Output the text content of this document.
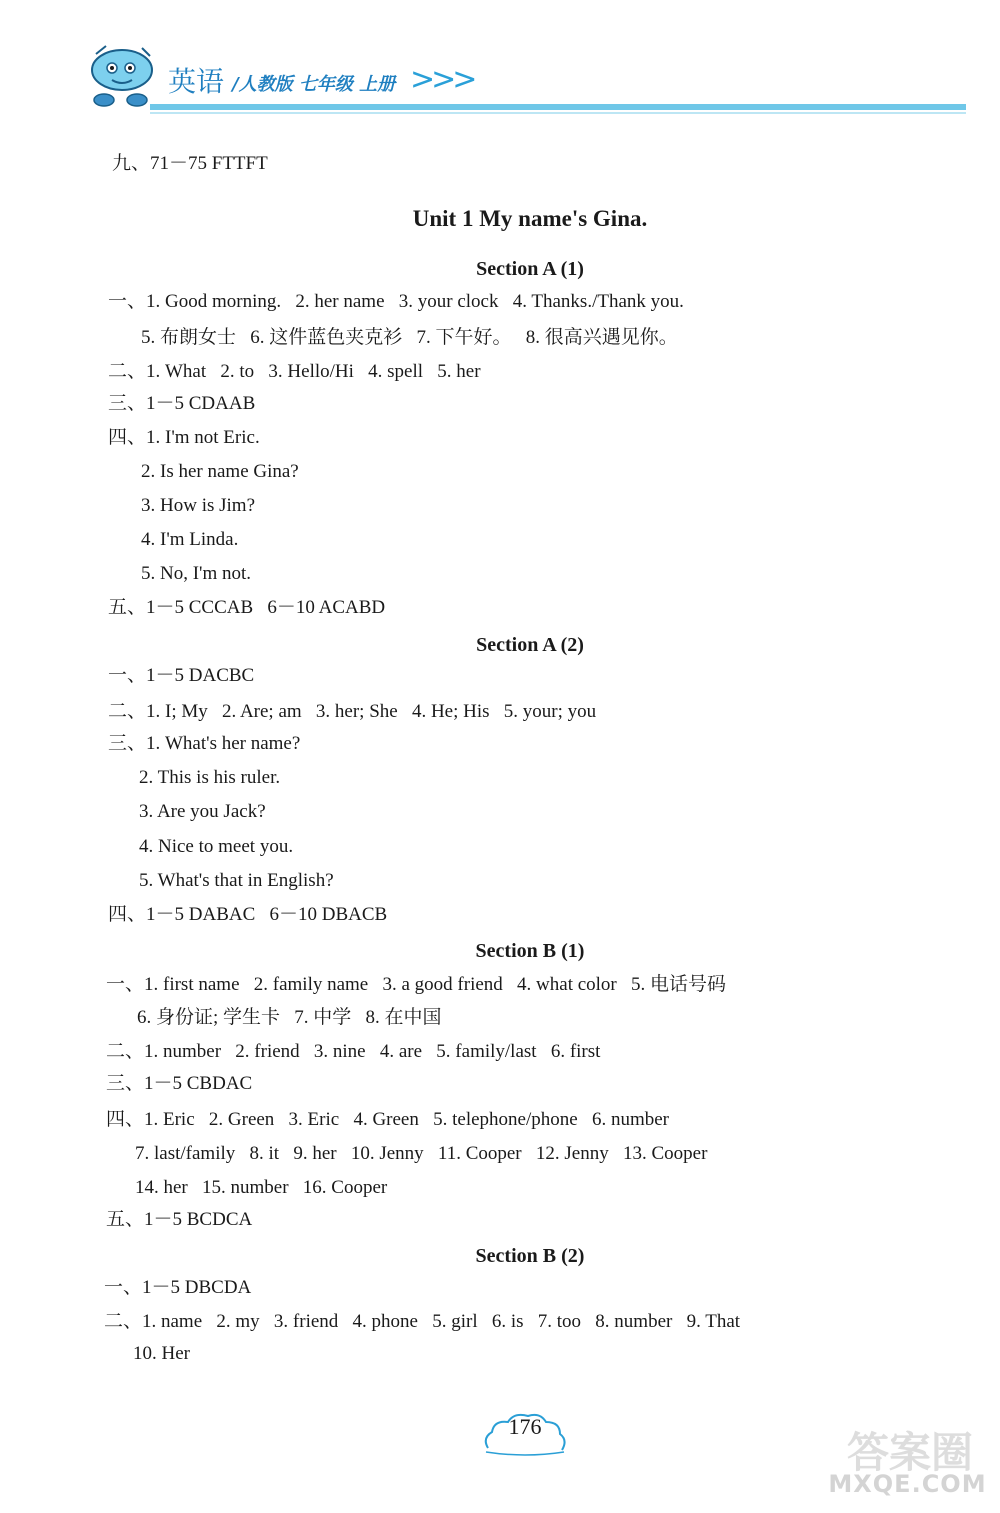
英语 /人教版 七年级 上册 >>>
九、71－75 FTTFT
Unit 1 My name's Gina.
Section A (1)
一、1. Good morning.   2. her name   3. your clock   4. Thanks./Thank you.
5. 布朗女士   6. 这件蓝色夹克衫   7. 下午好。   8. 很高兴遇见你。
二、1. What   2. to   3. Hello/Hi   4. spell   5. her
三、1－5 CDAAB
四、1. I'm not Eric.
2. Is her name Gina?
3. How is Jim?
4. I'm Linda.
5. No, I'm not.
五、1－5 CCCAB   6－10 ACABD
Section A (2)
一、1－5 DACBC
二、1. I; My   2. Are; am   3. her; She   4. He; His   5. your; you
三、1. What's her name?
2. This is his ruler.
3. Are you Jack?
4. Nice to meet you.
5. What's that in English?
四、1－5 DABAC   6－10 DBACB
Section B (1)
一、1. first name   2. family name   3. a good friend   4. what color   5. 电话号码
6. 身份证; 学生卡   7. 中学   8. 在中国
二、1. number   2. friend   3. nine   4. are   5. family/last   6. first
三、1－5 CBDAC
四、1. Eric   2. Green   3. Eric   4. Green   5. telephone/phone   6. number
7. last/family   8. it   9. her   10. Jenny   11. Cooper   12. Jenny   13. Cooper
14. her   15. number   16. Cooper
五、1－5 BCDCA
Section B (2)
一、1－5 DBCDA
二、1. name   2. my   3. friend   4. phone   5. girl   6. is   7. too   8. number   9. That
10. Her
176
答案圈
MXQE.COM
